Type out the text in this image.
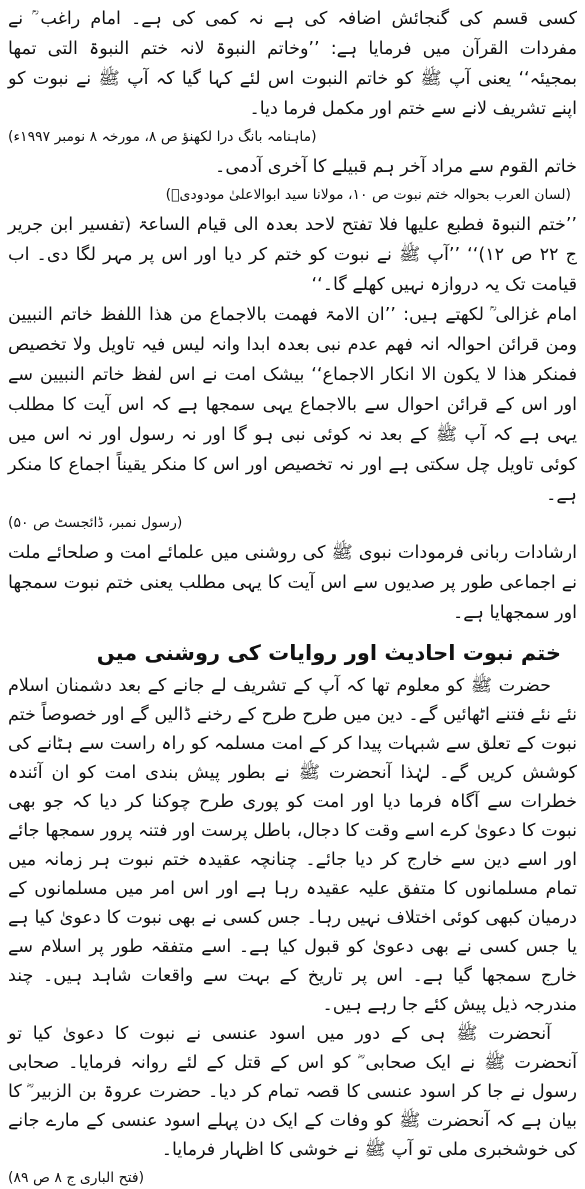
کسی قسم کی گنجائش اضافہ کی ہے نہ کمی کی ہے۔ امام راغب ؒ نے مفردات القرآن میں فرمایا ہے: ’’وخاتم النبوۃ لانہ ختم النبوۃ التی تمھا بمجیئہ‘‘ یعنی آپ ﷺ کو خاتم النبوت اس لئے کہا گیا کہ آپ ﷺ نے نبوت کو اپنے تشریف لانے سے ختم اور مکمل فرما دیا۔

(ماہنامہ بانگ درا لکھنؤ ص ۸، مورخہ ۸ نومبر ۱۹۹۷ء)

خاتم القوم سے مراد آخر ہم قبیلے کا آخری آدمی۔

(لسان العرب بحوالہ ختم نبوت ص ۱۰، مولانا سید ابوالاعلیٰ مودودیؒ)

’’ختم النبوۃ فطبع علیھا فلا تفتح لاحد بعدہ الی قیام الساعۃ (تفسیر ابن جریر ج ۲۲ ص ۱۲)‘‘ ’’آپ ﷺ نے نبوت کو ختم کر دیا اور اس پر مہر لگا دی۔ اب قیامت تک یہ دروازہ نہیں کھلے گا۔‘‘

امام غزالی ؒ لکھتے ہیں: ’’ان الامۃ فھمت بالاجماع من ھذا اللفظ خاتم النبیین ومن قرائن احوالہ انہ فھم عدم نبی بعدہ ابدا وانہ لیس فیہ تاویل ولا تخصیص فمنکر ھذا لا یکون الا انکار الاجماع‘‘ بیشک امت نے اس لفظ خاتم النبیین سے اور اس کے قرائن احوال سے بالاجماع یہی سمجھا ہے کہ اس آیت کا مطلب یہی ہے کہ آپ ﷺ کے بعد نہ کوئی نبی ہو گا اور نہ رسول اور نہ اس میں کوئی تاویل چل سکتی ہے اور نہ تخصیص اور اس کا منکر یقیناً اجماع کا منکر ہے۔

(رسول نمبر، ڈائجسٹ ص ۵۰)

ارشادات ربانی فرمودات نبوی ﷺ کی روشنی میں علمائے امت و صلحائے ملت نے اجماعی طور پر صدیوں سے اس آیت کا یہی مطلب یعنی ختم نبوت سمجھا اور سمجھایا ہے۔

ختم نبوت احادیث اور روایات کی روشنی میں

حضرت ﷺ کو معلوم تھا کہ آپ کے تشریف لے جانے کے بعد دشمنان اسلام نئے نئے فتنے اٹھائیں گے۔ دین میں طرح طرح کے رخنے ڈالیں گے اور خصوصاً ختم نبوت کے تعلق سے شبہات پیدا کر کے امت مسلمہ کو راہ راست سے ہٹانے کی کوشش کریں گے۔ لہٰذا آنحضرت ﷺ نے بطور پیش بندی امت کو ان آئندہ خطرات سے آگاہ فرما دیا اور امت کو پوری طرح چوکنا کر دیا کہ جو بھی نبوت کا دعویٰ کرے اسے وقت کا دجال، باطل پرست اور فتنہ پرور سمجھا جائے اور اسے دین سے خارج کر دیا جائے۔ چنانچہ عقیدہ ختم نبوت ہر زمانہ میں تمام مسلمانوں کا متفق علیہ عقیدہ رہا ہے اور اس امر میں مسلمانوں کے درمیان کبھی کوئی اختلاف نہیں رہا۔ جس کسی نے بھی نبوت کا دعویٰ کیا ہے یا جس کسی نے بھی دعویٰ کو قبول کیا ہے۔ اسے متفقہ طور پر اسلام سے خارج سمجھا گیا ہے۔ اس پر تاریخ کے بہت سے واقعات شاہد ہیں۔ چند مندرجہ ذیل پیش کئے جا رہے ہیں۔

آنحضرت ﷺ ہی کے دور میں اسود عنسی نے نبوت کا دعویٰ کیا تو آنحضرت ﷺ نے ایک صحابی ؓ کو اس کے قتل کے لئے روانہ فرمایا۔ صحابی رسول نے جا کر اسود عنسی کا قصہ تمام کر دیا۔ حضرت عروۃ بن الزبیر ؓ کا بیان ہے کہ آنحضرت ﷺ کو وفات کے ایک دن پہلے اسود عنسی کے مارے جانے کی خوشخبری ملی تو آپ ﷺ نے خوشی کا اظہار فرمایا۔

(فتح الباری ج ۸ ص ۸۹)
